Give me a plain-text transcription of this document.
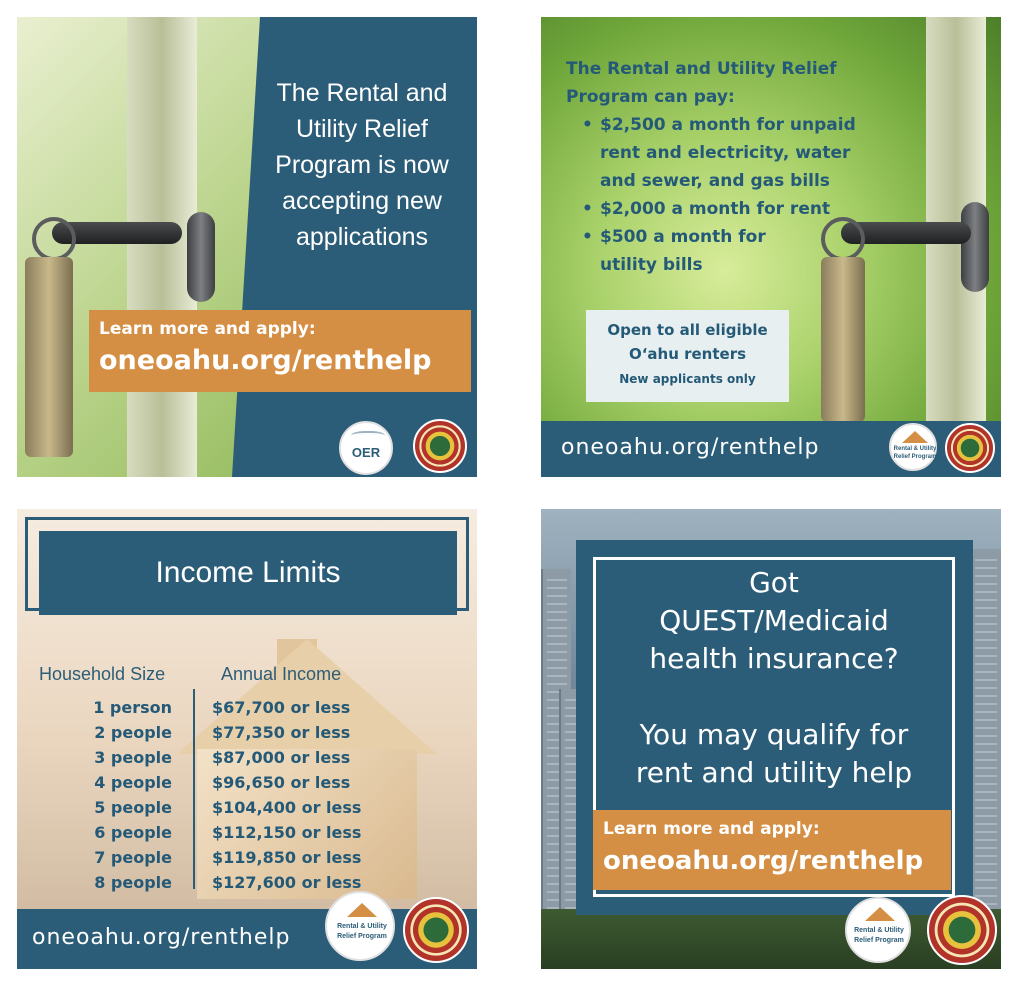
The Rental and Utility Relief Program is now accepting new applications
Learn more and apply:
oneoahu.org/renthelp
OER
The Rental and Utility Relief
Program can pay:
• $2,500 a month for unpaid rent and electricity, water and sewer, and gas bills
• $2,000 a month for rent
• $500 a month for utility bills
Open to all eligible
O‘ahu renters
New applicants only
oneoahu.org/renthelp	Rental & Utility
Relief Program
Income Limits
Household Size	Annual Income
1 person	$67,700 or less
2 people	$77,350 or less
3 people	$87,000 or less
4 people	$96,650 or less
5 people	$104,400 or less
6 people	$112,150 or less
7 people	$119,850 or less
8 people	$127,600 or less
oneoahu.org/renthelp	Rental & Utility
Relief Program
Got
QUEST/Medicaid
health insurance?
You may qualify for
rent and utility help
Learn more and apply:
oneoahu.org/renthelp
Rental & Utility
Relief Program
